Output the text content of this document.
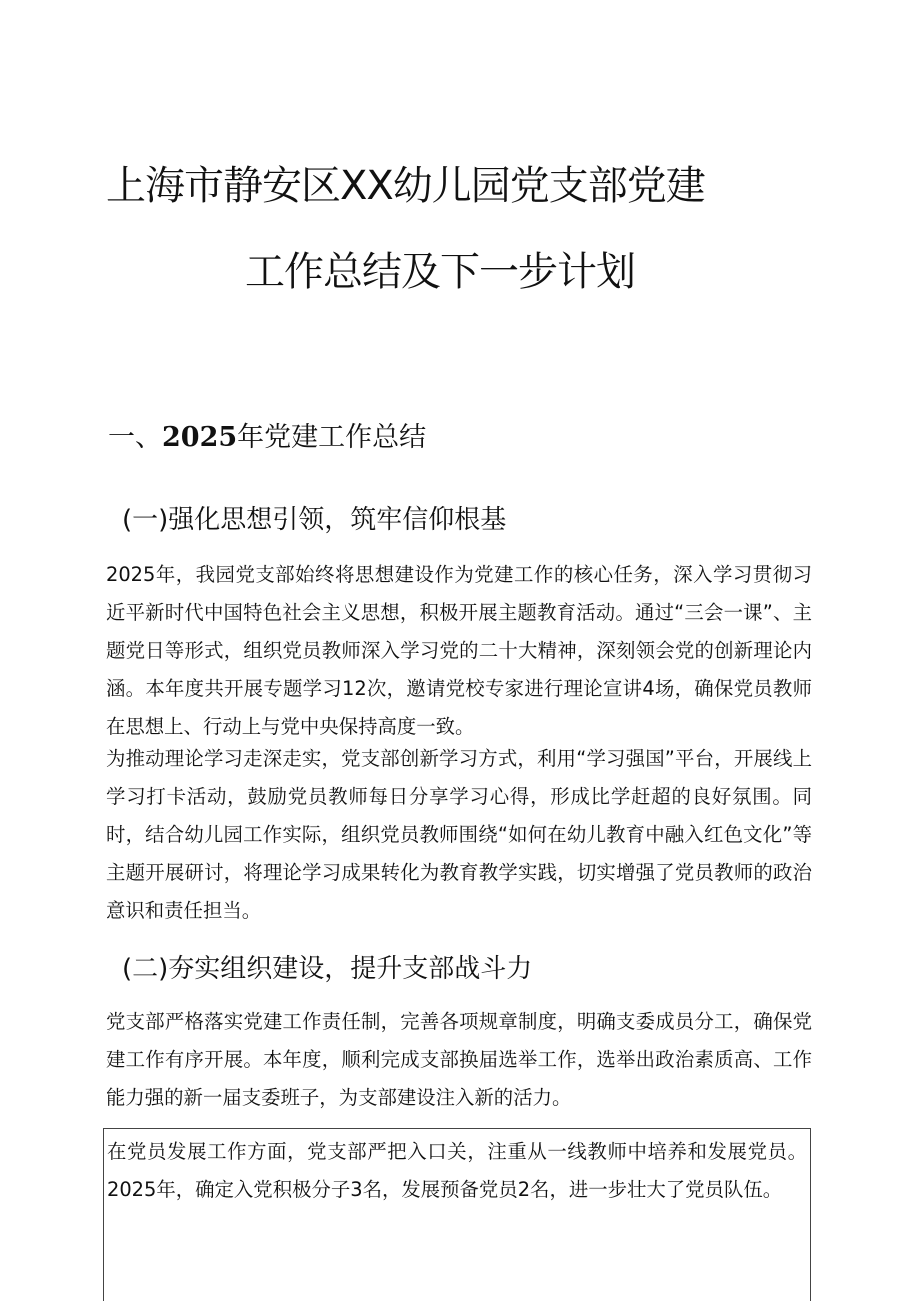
上海市静安区XX幼儿园党支部党建
工作总结及下一步计划
一、2025年党建工作总结
(一)强化思想引领，筑牢信仰根基

2025年，我园党支部始终将思想建设作为党建工作的核心任务，深入学习贯彻习近平新时代中国特色社会主义思想，积极开展主题教育活动。通过“三会一课”、主题党日等形式，组织党员教师深入学习党的二十大精神，深刻领会党的创新理论内涵。本年度共开展专题学习12次，邀请党校专家进行理论宣讲4场，确保党员教师在思想上、行动上与党中央保持高度一致。

为推动理论学习走深走实，党支部创新学习方式，利用“学习强国”平台，开展线上学习打卡活动，鼓励党员教师每日分享学习心得，形成比学赶超的良好氛围。同时，结合幼儿园工作实际，组织党员教师围绕“如何在幼儿教育中融入红色文化”等主题开展研讨，将理论学习成果转化为教育教学实践，切实增强了党员教师的政治意识和责任担当。

(二)夯实组织建设，提升支部战斗力

党支部严格落实党建工作责任制，完善各项规章制度，明确支委成员分工，确保党建工作有序开展。本年度，顺利完成支部换届选举工作，选举出政治素质高、工作能力强的新一届支委班子，为支部建设注入新的活力。

在党员发展工作方面，党支部严把入口关，注重从一线教师中培养和发展党员。2025年，确定入党积极分子3名，发展预备党员2名，进一步壮大了党员队伍。
